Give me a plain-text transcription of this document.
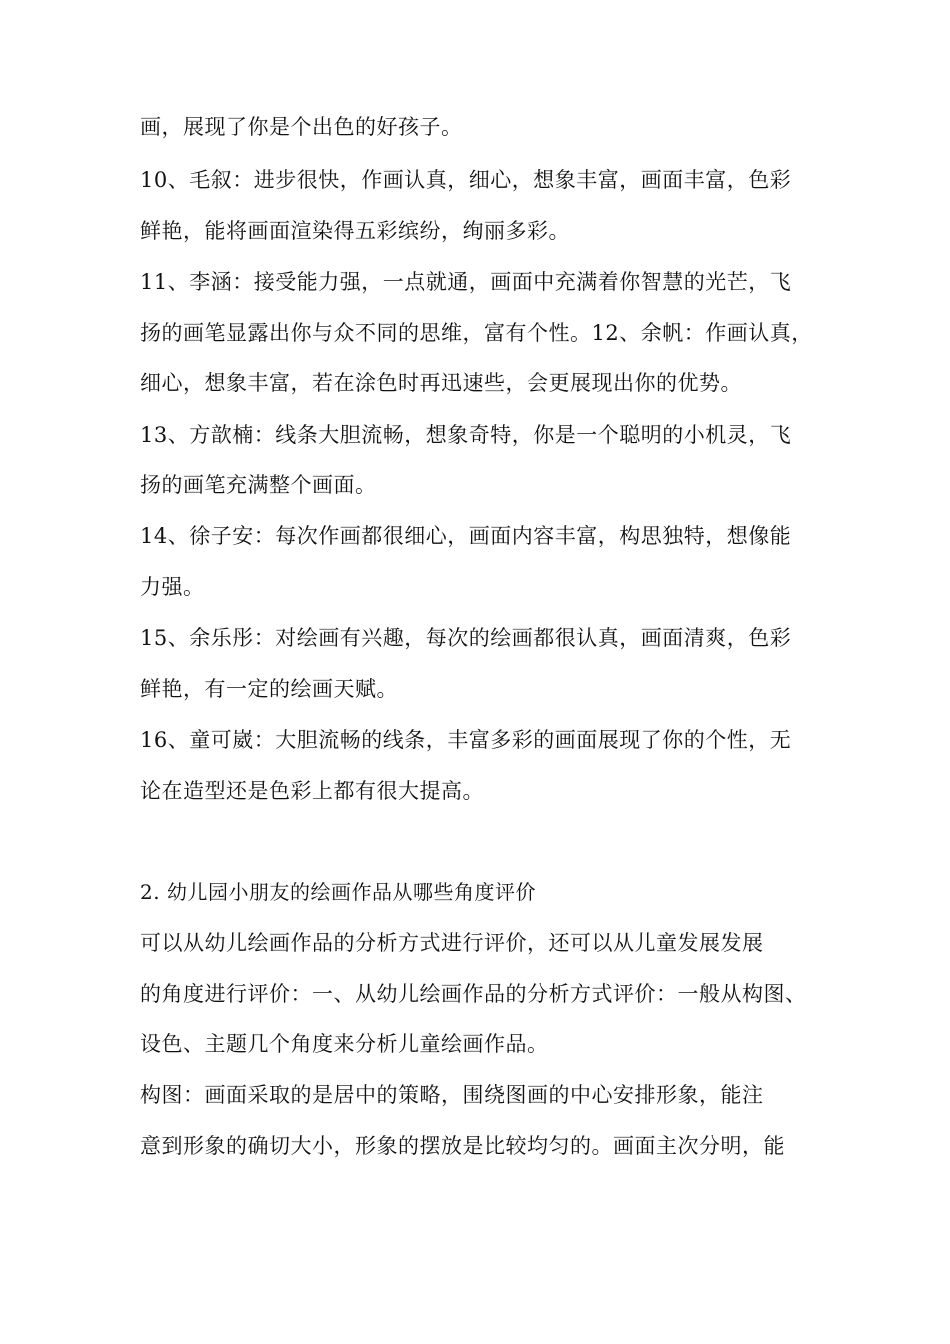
画，展现了你是个出色的好孩子。
10、毛叙：进步很快，作画认真，细心，想象丰富，画面丰富，色彩
鲜艳，能将画面渲染得五彩缤纷，绚丽多彩。
11、李涵：接受能力强，一点就通，画面中充满着你智慧的光芒，飞
扬的画笔显露出你与众不同的思维，富有个性。12、余帆：作画认真，
细心，想象丰富，若在涂色时再迅速些，会更展现出你的优势。
13、方歆楠：线条大胆流畅，想象奇特，你是一个聪明的小机灵，飞
扬的画笔充满整个画面。
14、徐子安：每次作画都很细心，画面内容丰富，构思独特，想像能
力强。
15、余乐彤：对绘画有兴趣，每次的绘画都很认真，画面清爽，色彩
鲜艳，有一定的绘画天赋。
16、童可崴：大胆流畅的线条，丰富多彩的画面展现了你的个性，无
论在造型还是色彩上都有很大提高。
2. 幼儿园小朋友的绘画作品从哪些角度评价
可以从幼儿绘画作品的分析方式进行评价，还可以从儿童发展发展
的角度进行评价：一、从幼儿绘画作品的分析方式评价：一般从构图、
设色、主题几个角度来分析儿童绘画作品。
构图：画面采取的是居中的策略，围绕图画的中心安排形象，能注
意到形象的确切大小，形象的摆放是比较均匀的。画面主次分明，能
